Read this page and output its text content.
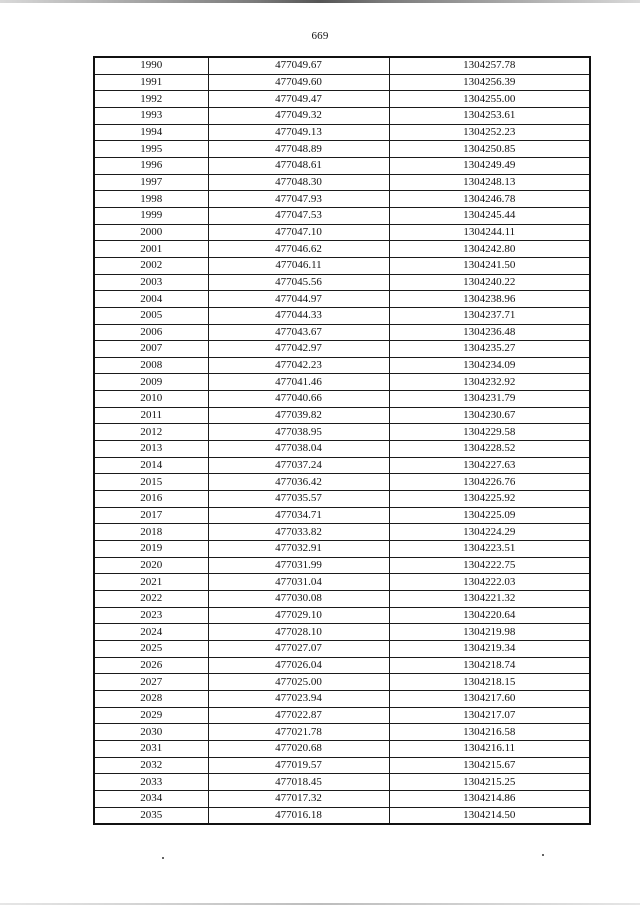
669
1990	477049.67	1304257.78
1991	477049.60	1304256.39
1992	477049.47	1304255.00
1993	477049.32	1304253.61
1994	477049.13	1304252.23
1995	477048.89	1304250.85
1996	477048.61	1304249.49
1997	477048.30	1304248.13
1998	477047.93	1304246.78
1999	477047.53	1304245.44
2000	477047.10	1304244.11
2001	477046.62	1304242.80
2002	477046.11	1304241.50
2003	477045.56	1304240.22
2004	477044.97	1304238.96
2005	477044.33	1304237.71
2006	477043.67	1304236.48
2007	477042.97	1304235.27
2008	477042.23	1304234.09
2009	477041.46	1304232.92
2010	477040.66	1304231.79
2011	477039.82	1304230.67
2012	477038.95	1304229.58
2013	477038.04	1304228.52
2014	477037.24	1304227.63
2015	477036.42	1304226.76
2016	477035.57	1304225.92
2017	477034.71	1304225.09
2018	477033.82	1304224.29
2019	477032.91	1304223.51
2020	477031.99	1304222.75
2021	477031.04	1304222.03
2022	477030.08	1304221.32
2023	477029.10	1304220.64
2024	477028.10	1304219.98
2025	477027.07	1304219.34
2026	477026.04	1304218.74
2027	477025.00	1304218.15
2028	477023.94	1304217.60
2029	477022.87	1304217.07
2030	477021.78	1304216.58
2031	477020.68	1304216.11
2032	477019.57	1304215.67
2033	477018.45	1304215.25
2034	477017.32	1304214.86
2035	477016.18	1304214.50
